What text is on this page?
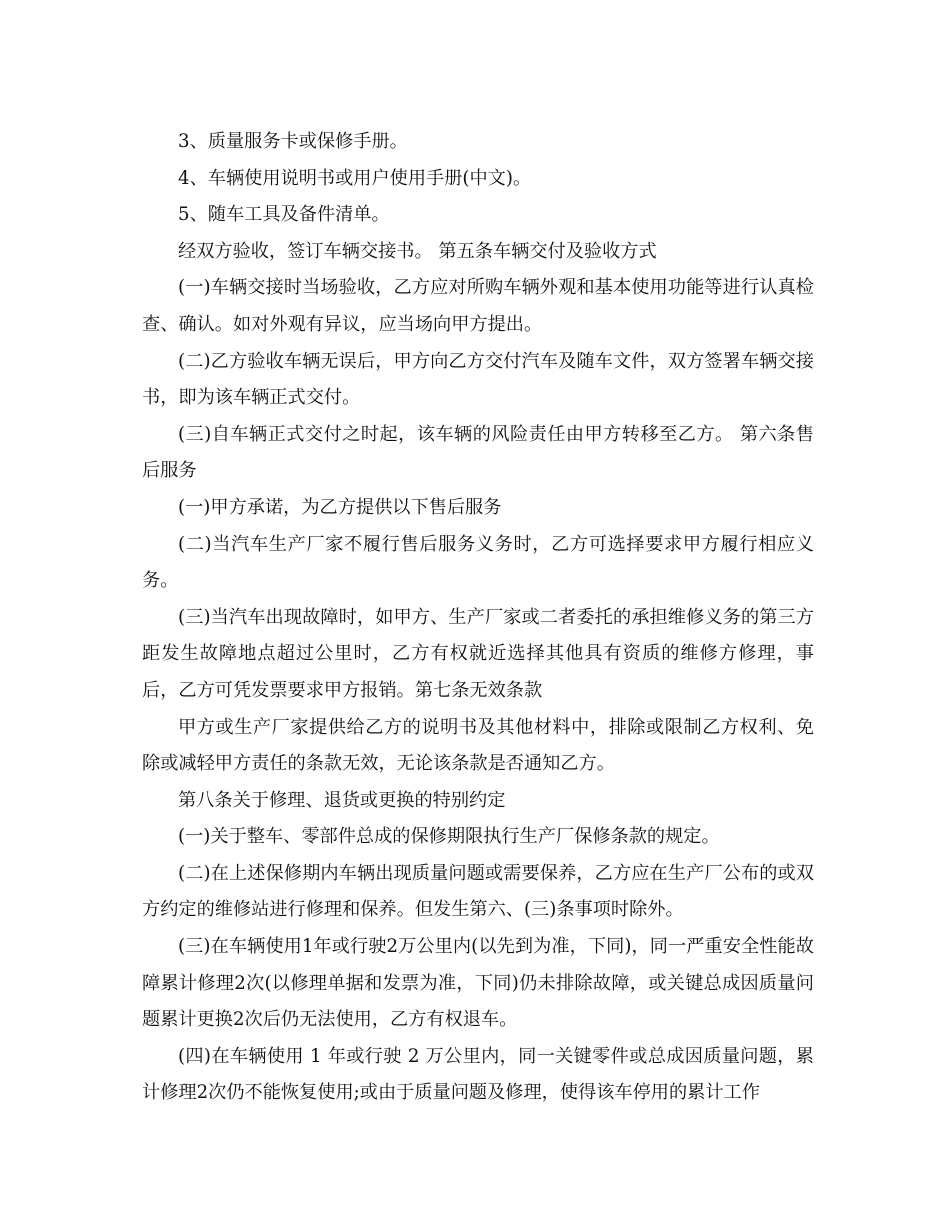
3、质量服务卡或保修手册。

4、车辆使用说明书或用户使用手册(中文)。

5、随车工具及备件清单。

经双方验收，签订车辆交接书。 第五条车辆交付及验收方式

(一)车辆交接时当场验收，乙方应对所购车辆外观和基本使用功能等进行认真检查、确认。如对外观有异议，应当场向甲方提出。

(二)乙方验收车辆无误后，甲方向乙方交付汽车及随车文件，双方签署车辆交接书，即为该车辆正式交付。

(三)自车辆正式交付之时起，该车辆的风险责任由甲方转移至乙方。 第六条售后服务

(一)甲方承诺，为乙方提供以下售后服务

(二)当汽车生产厂家不履行售后服务义务时，乙方可选择要求甲方履行相应义务。

(三)当汽车出现故障时，如甲方、生产厂家或二者委托的承担维修义务的第三方距发生故障地点超过公里时，乙方有权就近选择其他具有资质的维修方修理，事后，乙方可凭发票要求甲方报销。第七条无效条款

甲方或生产厂家提供给乙方的说明书及其他材料中，排除或限制乙方权利、免除或减轻甲方责任的条款无效，无论该条款是否通知乙方。

第八条关于修理、退货或更换的特别约定

(一)关于整车、零部件总成的保修期限执行生产厂保修条款的规定。

(二)在上述保修期内车辆出现质量问题或需要保养，乙方应在生产厂公布的或双方约定的维修站进行修理和保养。但发生第六、(三)条事项时除外。

(三)在车辆使用1年或行驶2万公里内(以先到为准，下同)，同一严重安全性能故障累计修理2次(以修理单据和发票为准，下同)仍未排除故障，或关键总成因质量问题累计更换2次后仍无法使用，乙方有权退车。

(四)在车辆使用 1 年或行驶 2 万公里内，同一关键零件或总成因质量问题，累计修理2次仍不能恢复使用;或由于质量问题及修理，使得该车停用的累计工作
